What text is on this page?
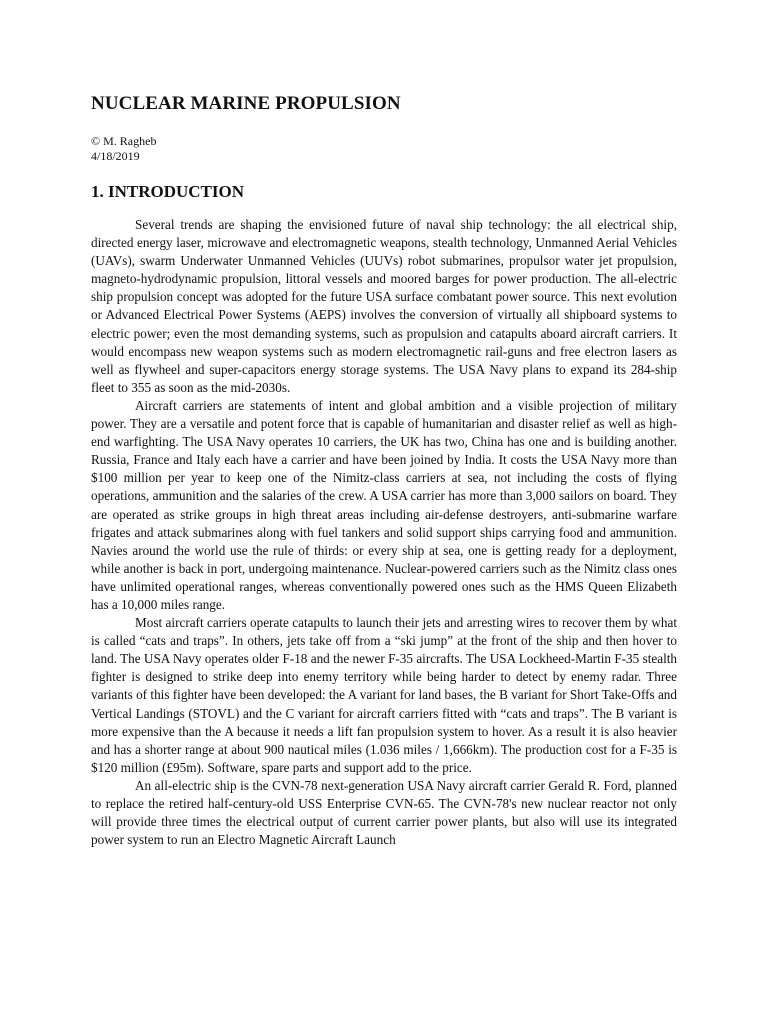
NUCLEAR MARINE PROPULSION

© M. Ragheb

4/18/2019

1. INTRODUCTION

Several trends are shaping the envisioned future of naval ship technology: the all electrical ship, directed energy laser, microwave and electromagnetic weapons, stealth technology, Unmanned Aerial Vehicles (UAVs), swarm Underwater Unmanned Vehicles (UUVs) robot submarines, propulsor water jet propulsion, magneto-hydrodynamic propulsion, littoral vessels and moored barges for power production. The all-electric ship propulsion concept was adopted for the future USA surface combatant power source. This next evolution or Advanced Electrical Power Systems (AEPS) involves the conversion of virtually all shipboard systems to electric power; even the most demanding systems, such as propulsion and catapults aboard aircraft carriers. It would encompass new weapon systems such as modern electromagnetic rail-guns and free electron lasers as well as flywheel and super-capacitors energy storage systems. The USA Navy plans to expand its 284-ship fleet to 355 as soon as the mid-2030s.

Aircraft carriers are statements of intent and global ambition and a visible projection of military power. They are a versatile and potent force that is capable of humanitarian and disaster relief as well as high-end warfighting. The USA Navy operates 10 carriers, the UK has two, China has one and is building another. Russia, France and Italy each have a carrier and have been joined by India. It costs the USA Navy more than $100 million per year to keep one of the Nimitz-class carriers at sea, not including the costs of flying operations, ammunition and the salaries of the crew. A USA carrier has more than 3,000 sailors on board. They are operated as strike groups in high threat areas including air-defense destroyers, anti-submarine warfare frigates and attack submarines along with fuel tankers and solid support ships carrying food and ammunition. Navies around the world use the rule of thirds: or every ship at sea, one is getting ready for a deployment, while another is back in port, undergoing maintenance. Nuclear-powered carriers such as the Nimitz class ones have unlimited operational ranges, whereas conventionally powered ones such as the HMS Queen Elizabeth has a 10,000 miles range.

Most aircraft carriers operate catapults to launch their jets and arresting wires to recover them by what is called “cats and traps”. In others, jets take off from a “ski jump” at the front of the ship and then hover to land. The USA Navy operates older F-18 and the newer F-35 aircrafts. The USA Lockheed-Martin F-35 stealth fighter is designed to strike deep into enemy territory while being harder to detect by enemy radar. Three variants of this fighter have been developed: the A variant for land bases, the B variant for Short Take-Offs and Vertical Landings (STOVL) and the C variant for aircraft carriers fitted with “cats and traps”. The B variant is more expensive than the A because it needs a lift fan propulsion system to hover. As a result it is also heavier and has a shorter range at about 900 nautical miles (1.036 miles / 1,666km). The production cost for a F-35 is $120 million (£95m). Software, spare parts and support add to the price.

An all-electric ship is the CVN-78 next-generation USA Navy aircraft carrier Gerald R. Ford, planned to replace the retired half-century-old USS Enterprise CVN-65. The CVN-78's new nuclear reactor not only will provide three times the electrical output of current carrier power plants, but also will use its integrated power system to run an Electro Magnetic Aircraft Launch
